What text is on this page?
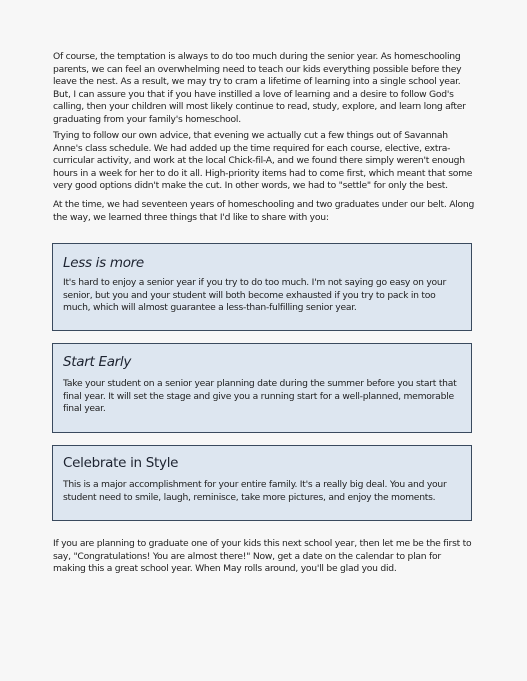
Of course, the temptation is always to do too much during the senior year. As homeschooling parents, we can feel an overwhelming need to teach our kids everything possible before they leave the nest. As a result, we may try to cram a lifetime of learning into a single school year. But, I can assure you that if you have instilled a love of learning and a desire to follow God's calling, then your children will most likely continue to read, study, explore, and learn long after graduating from your family's homeschool.

Trying to follow our own advice, that evening we actually cut a few things out of Savannah Anne's class schedule. We had added up the time required for each course, elective, extra-curricular activity, and work at the local Chick-fil-A, and we found there simply weren't enough hours in a week for her to do it all. High-priority items had to come first, which meant that some very good options didn't make the cut. In other words, we had to "settle" for only the best.

At the time, we had seventeen years of homeschooling and two graduates under our belt. Along the way, we learned three things that I'd like to share with you:

Less is more

It's hard to enjoy a senior year if you try to do too much. I'm not saying go easy on your senior, but you and your student will both become exhausted if you try to pack in too much, which will almost guarantee a less-than-fulfilling senior year.

Start Early

Take your student on a senior year planning date during the summer before you start that final year. It will set the stage and give you a running start for a well-planned, memorable final year.

Celebrate in Style

This is a major accomplishment for your entire family. It's a really big deal. You and your student need to smile, laugh, reminisce, take more pictures, and enjoy the moments.

If you are planning to graduate one of your kids this next school year, then let me be the first to say, "Congratulations! You are almost there!" Now, get a date on the calendar to plan for making this a great school year. When May rolls around, you'll be glad you did.
